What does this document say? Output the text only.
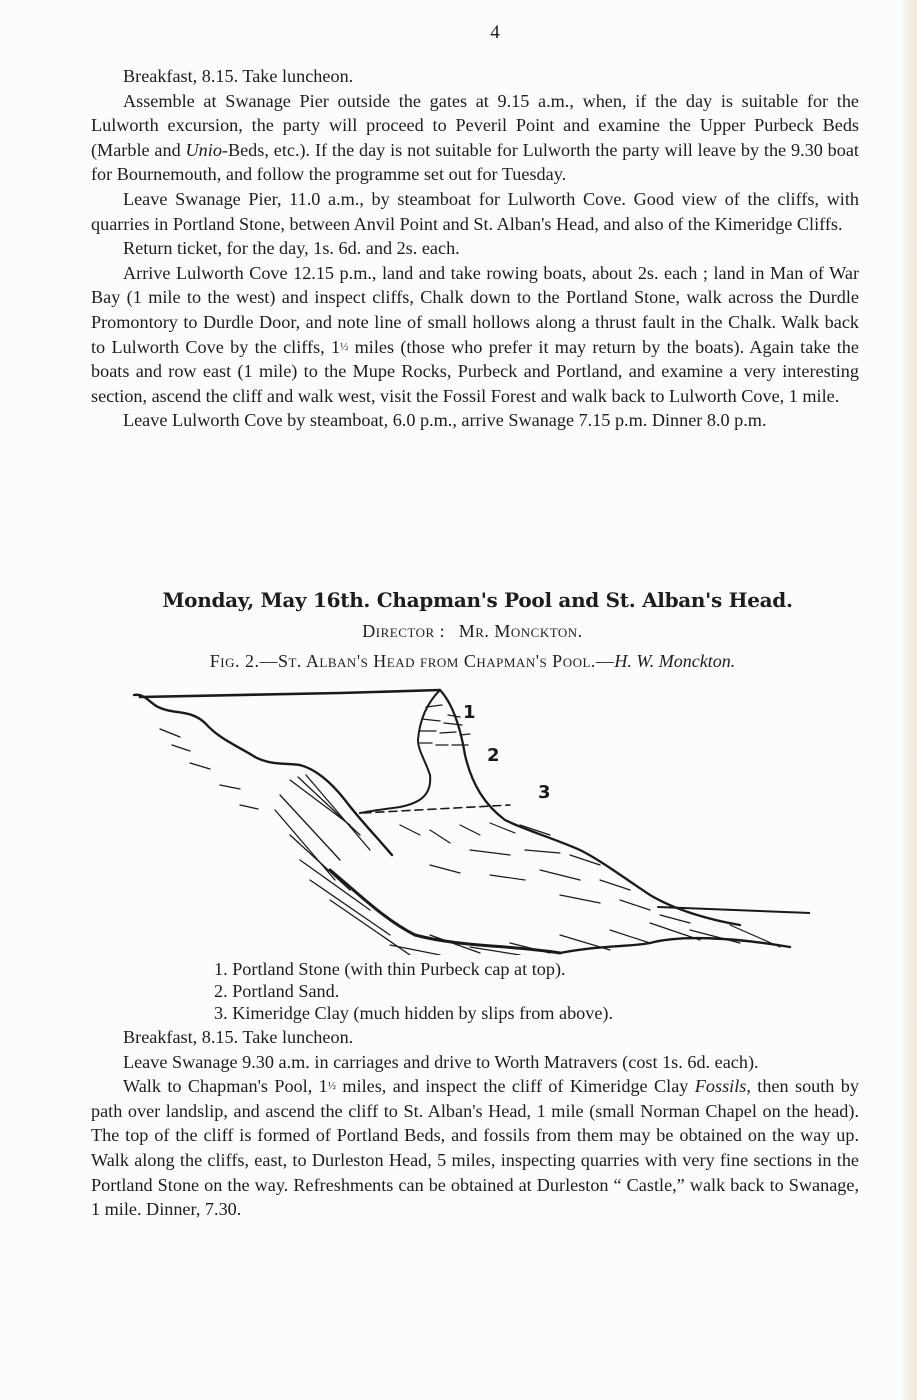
4

Breakfast, 8.15. Take luncheon.

Assemble at Swanage Pier outside the gates at 9.15 a.m., when, if the day is suitable for the Lulworth excursion, the party will proceed to Peveril Point and examine the Upper Purbeck Beds (Marble and Unio-Beds, etc.). If the day is not suitable for Lulworth the party will leave by the 9.30 boat for Bournemouth, and follow the programme set out for Tuesday.

Leave Swanage Pier, 11.0 a.m., by steamboat for Lulworth Cove. Good view of the cliffs, with quarries in Portland Stone, between Anvil Point and St. Alban's Head, and also of the Kimeridge Cliffs.

Return ticket, for the day, 1s. 6d. and 2s. each.

Arrive Lulworth Cove 12.15 p.m., land and take rowing boats, about 2s. each ; land in Man of War Bay (1 mile to the west) and inspect cliffs, Chalk down to the Portland Stone, walk across the Durdle Promontory to Durdle Door, and note line of small hollows along a thrust fault in the Chalk. Walk back to Lulworth Cove by the cliffs, 1½ miles (those who prefer it may return by the boats). Again take the boats and row east (1 mile) to the Mupe Rocks, Purbeck and Portland, and examine a very interesting section, ascend the cliff and walk west, visit the Fossil Forest and walk back to Lulworth Cove, 1 mile.

Leave Lulworth Cove by steamboat, 6.0 p.m., arrive Swanage 7.15 p.m. Dinner 8.0 p.m.

Monday, May 16th. Chapman's Pool and St. Alban's Head.
Director : Mr. Monckton.
Fig. 2.—St. Alban's Head from Chapman's Pool.—H. W. Monckton.
1
2
3
1. Portland Stone (with thin Purbeck cap at top).
2. Portland Sand.
3. Kimeridge Clay (much hidden by slips from above).

Breakfast, 8.15. Take luncheon.

Leave Swanage 9.30 a.m. in carriages and drive to Worth Matravers (cost 1s. 6d. each).

Walk to Chapman's Pool, 1½ miles, and inspect the cliff of Kimeridge Clay Fossils, then south by path over landslip, and ascend the cliff to St. Alban's Head, 1 mile (small Norman Chapel on the head). The top of the cliff is formed of Portland Beds, and fossils from them may be obtained on the way up. Walk along the cliffs, east, to Durleston Head, 5 miles, inspecting quarries with very fine sections in the Portland Stone on the way. Refreshments can be obtained at Durleston “ Castle,” walk back to Swanage, 1 mile. Dinner, 7.30.
